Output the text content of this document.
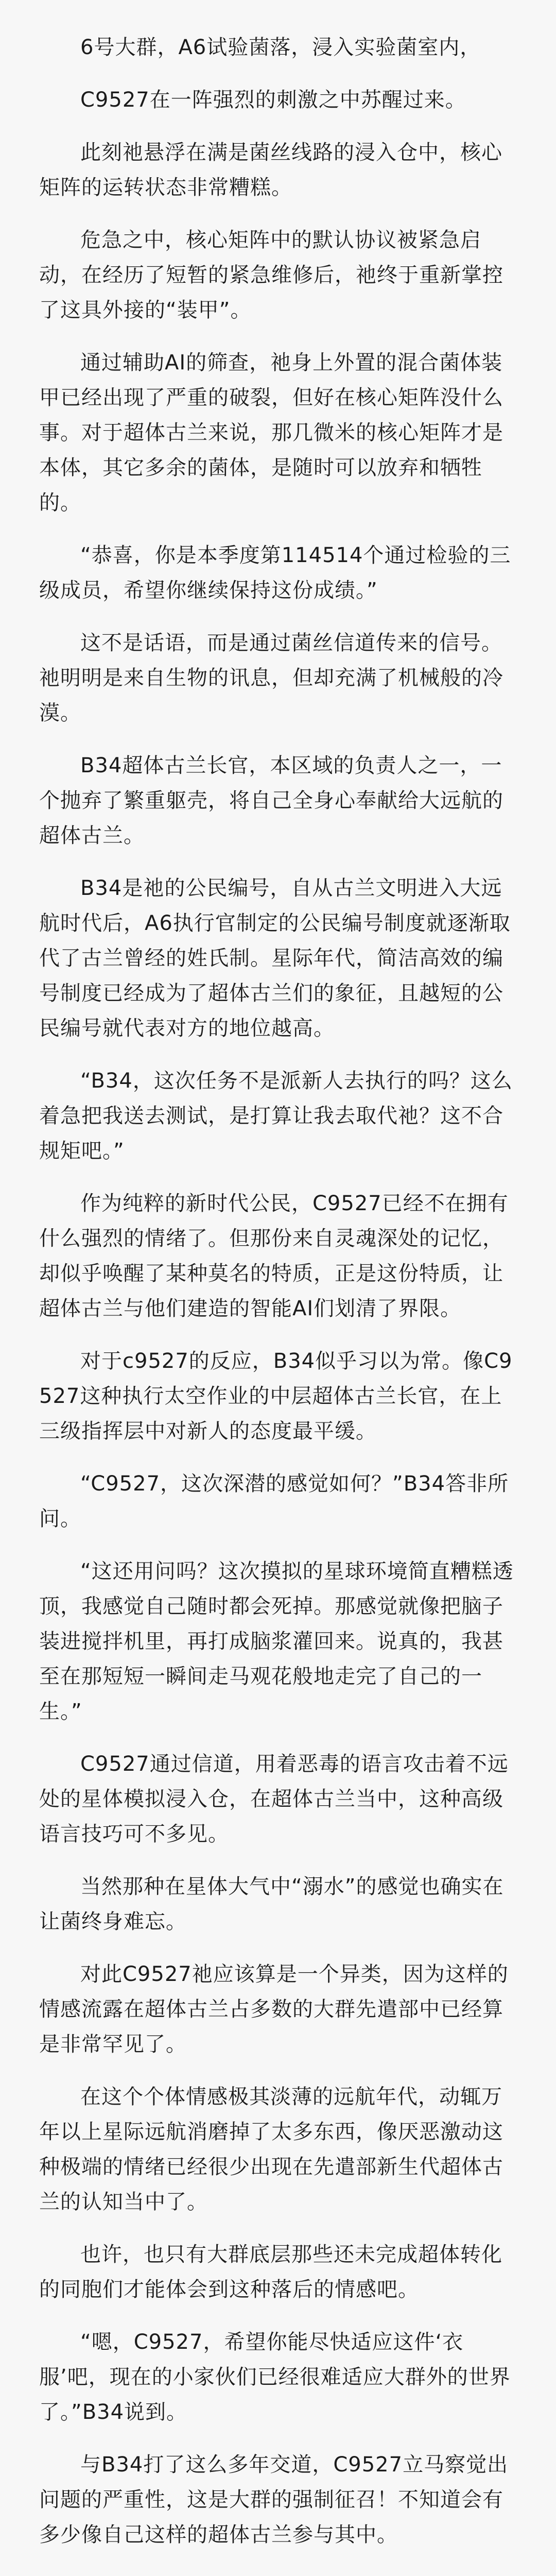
6号大群，A6试验菌落，浸入实验菌室内，

C9527在一阵强烈的刺激之中苏醒过来。

此刻祂悬浮在满是菌丝线路的浸入仓中，核心矩阵的运转状态非常糟糕。

危急之中，核心矩阵中的默认协议被紧急启动，在经历了短暂的紧急维修后，祂终于重新掌控了这具外接的“装甲”。

通过辅助AI的筛查，祂身上外置的混合菌体装甲已经出现了严重的破裂，但好在核心矩阵没什么事。对于超体古兰来说，那几微米的核心矩阵才是本体，其它多余的菌体，是随时可以放弃和牺牲的。

“恭喜，你是本季度第114514个通过检验的三级成员，希望你继续保持这份成绩。”

这不是话语，而是通过菌丝信道传来的信号。祂明明是来自生物的讯息，但却充满了机械般的冷漠。

B34超体古兰长官，本区域的负责人之一，一个抛弃了繁重躯壳，将自己全身心奉献给大远航的超体古兰。

B34是祂的公民编号，自从古兰文明进入大远航时代后，A6执行官制定的公民编号制度就逐渐取代了古兰曾经的姓氏制。星际年代，简洁高效的编号制度已经成为了超体古兰们的象征，且越短的公民编号就代表对方的地位越高。

“B34，这次任务不是派新人去执行的吗？这么着急把我送去测试，是打算让我去取代祂？这不合规矩吧。”

作为纯粹的新时代公民，C9527已经不在拥有什么强烈的情绪了。但那份来自灵魂深处的记忆，却似乎唤醒了某种莫名的特质，正是这份特质，让超体古兰与他们建造的智能AI们划清了界限。

对于c9527的反应，B34似乎习以为常。像C9527这种执行太空作业的中层超体古兰长官，在上三级指挥层中对新人的态度最平缓。

“C9527，这次深潜的感觉如何？”B34答非所问。

“这还用问吗？这次摸拟的星球环境简直糟糕透顶，我感觉自己随时都会死掉。那感觉就像把脑子装进搅拌机里，再打成脑浆灌回来。说真的，我甚至在那短短一瞬间走马观花般地走完了自己的一生。”

C9527通过信道，用着恶毒的语言攻击着不远处的星体模拟浸入仓，在超体古兰当中，这种高级语言技巧可不多见。

当然那种在星体大气中“溺水”的感觉也确实在让菌终身难忘。

对此C9527祂应该算是一个异类，因为这样的情感流露在超体古兰占多数的大群先遣部中已经算是非常罕见了。

在这个个体情感极其淡薄的远航年代，动辄万年以上星际远航消磨掉了太多东西，像厌恶激动这种极端的情绪已经很少出现在先遣部新生代超体古兰的认知当中了。

也许，也只有大群底层那些还未完成超体转化的同胞们才能体会到这种落后的情感吧。

“嗯，C9527，希望你能尽快适应这件‘衣服’吧，现在的小家伙们已经很难适应大群外的世界了。”B34说到。

与B34打了这么多年交道，C9527立马察觉出问题的严重性，这是大群的强制征召！不知道会有多少像自己这样的超体古兰参与其中。
